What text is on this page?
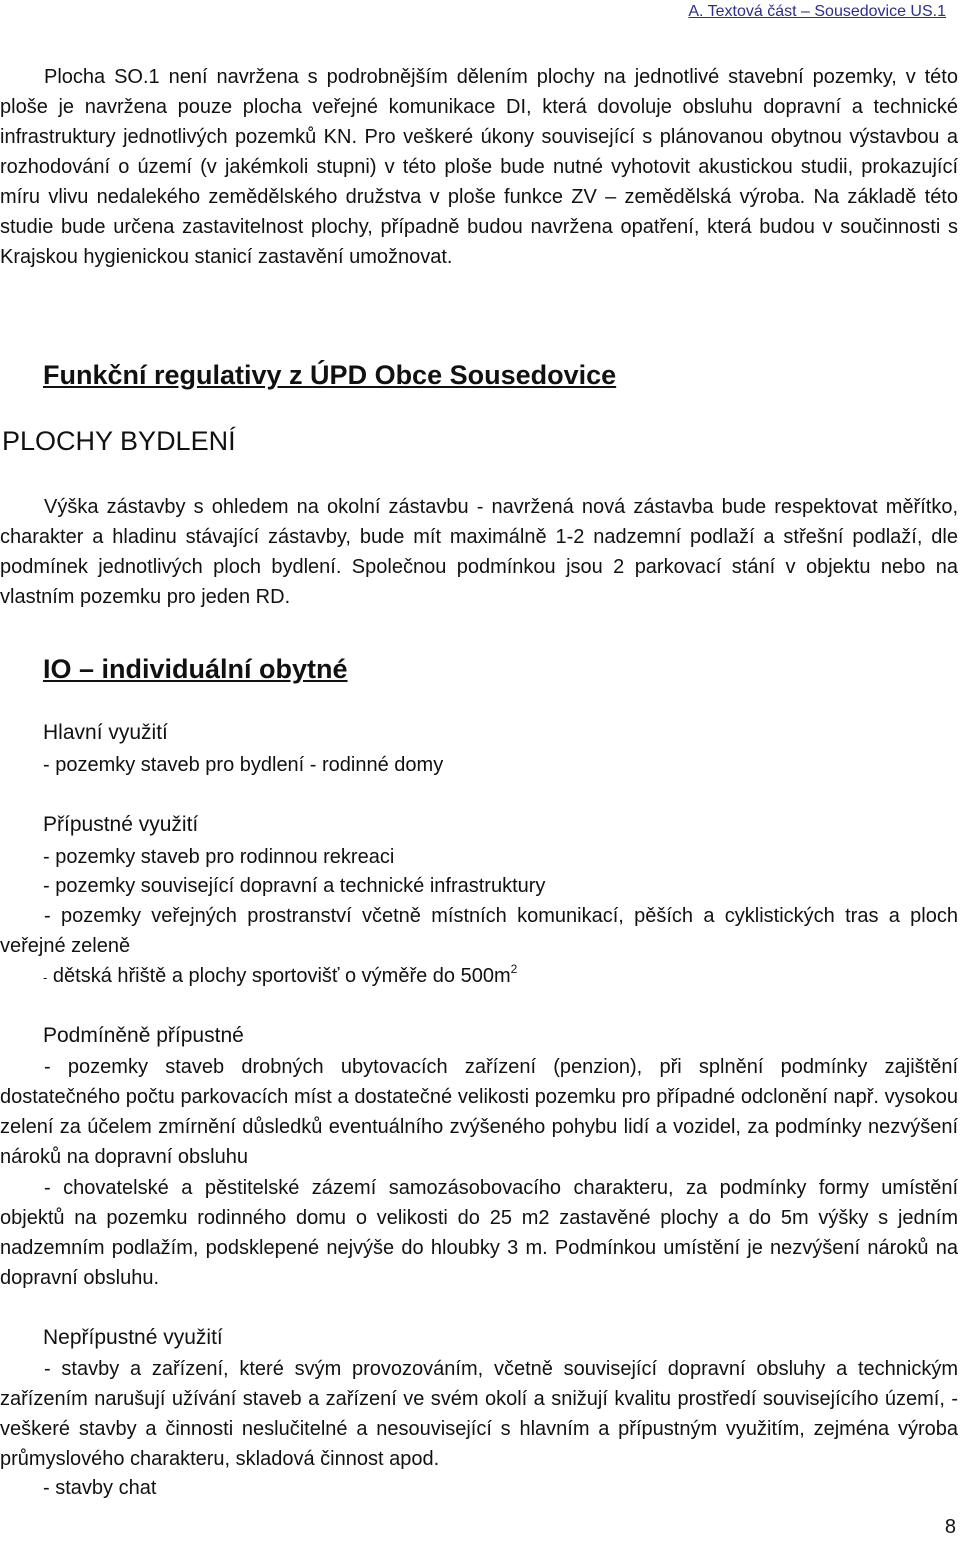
A. Textová část – Sousedovice US.1

Plocha SO.1 není navržena s podrobnějším dělením plochy na jednotlivé stavební pozemky, v této ploše je navržena pouze plocha veřejné komunikace DI, která dovoluje obsluhu dopravní a technické infrastruktury jednotlivých pozemků KN. Pro veškeré úkony související s plánovanou obytnou výstavbou a rozhodování o území (v jakémkoli stupni) v této ploše bude nutné vyhotovit akustickou studii, prokazující míru vlivu nedalekého zemědělského družstva v ploše funkce ZV – zemědělská výroba. Na základě této studie bude určena zastavitelnost plochy, případně budou navržena opatření, která budou v součinnosti s Krajskou hygienickou stanicí zastavění umožnovat.

Funkční regulativy z ÚPD Obce Sousedovice
PLOCHY BYDLENÍ

Výška zástavby s ohledem na okolní zástavbu - navržená nová zástavba bude respektovat měřítko, charakter a hladinu stávající zástavby, bude mít maximálně 1-2 nadzemní podlaží a střešní podlaží, dle podmínek jednotlivých ploch bydlení. Společnou podmínkou jsou 2 parkovací stání v objektu nebo na vlastním pozemku pro jeden RD.

IO – individuální obytné
Hlavní využití
- pozemky staveb pro bydlení - rodinné domy
Přípustné využití
- pozemky staveb pro rodinnou rekreaci
- pozemky související dopravní a technické infrastruktury

- pozemky veřejných prostranství včetně místních komunikací, pěších a cyklistických tras a ploch veřejné zeleně

- dětská hřiště a plochy sportovišť o výměře do $500m^2$
Podmíněně přípustné

- pozemky staveb drobných ubytovacích zařízení (penzion), při splnění podmínky zajištění dostatečného počtu parkovacích míst a dostatečné velikosti pozemku pro případné odclonění např. vysokou zelení za účelem zmírnění důsledků eventuálního zvýšeného pohybu lidí a vozidel, za podmínky nezvýšení nároků na dopravní obsluhu

- chovatelské a pěstitelské zázemí samozásobovacího charakteru, za podmínky formy umístění objektů na pozemku rodinného domu o velikosti do 25 m2 zastavěné plochy a do 5m výšky s jedním nadzemním podlažím, podsklepené nejvýše do hloubky 3 m. Podmínkou umístění je nezvýšení nároků na dopravní obsluhu.

Nepřípustné využití

- stavby a zařízení, které svým provozováním, včetně související dopravní obsluhy a technickým zařízením narušují užívání staveb a zařízení ve svém okolí a snižují kvalitu prostředí souvisejícího území, - veškeré stavby a činnosti neslučitelné a nesouvisející s hlavním a přípustným využitím, zejména výroba průmyslového charakteru, skladová činnost apod.

- stavby chat
8
